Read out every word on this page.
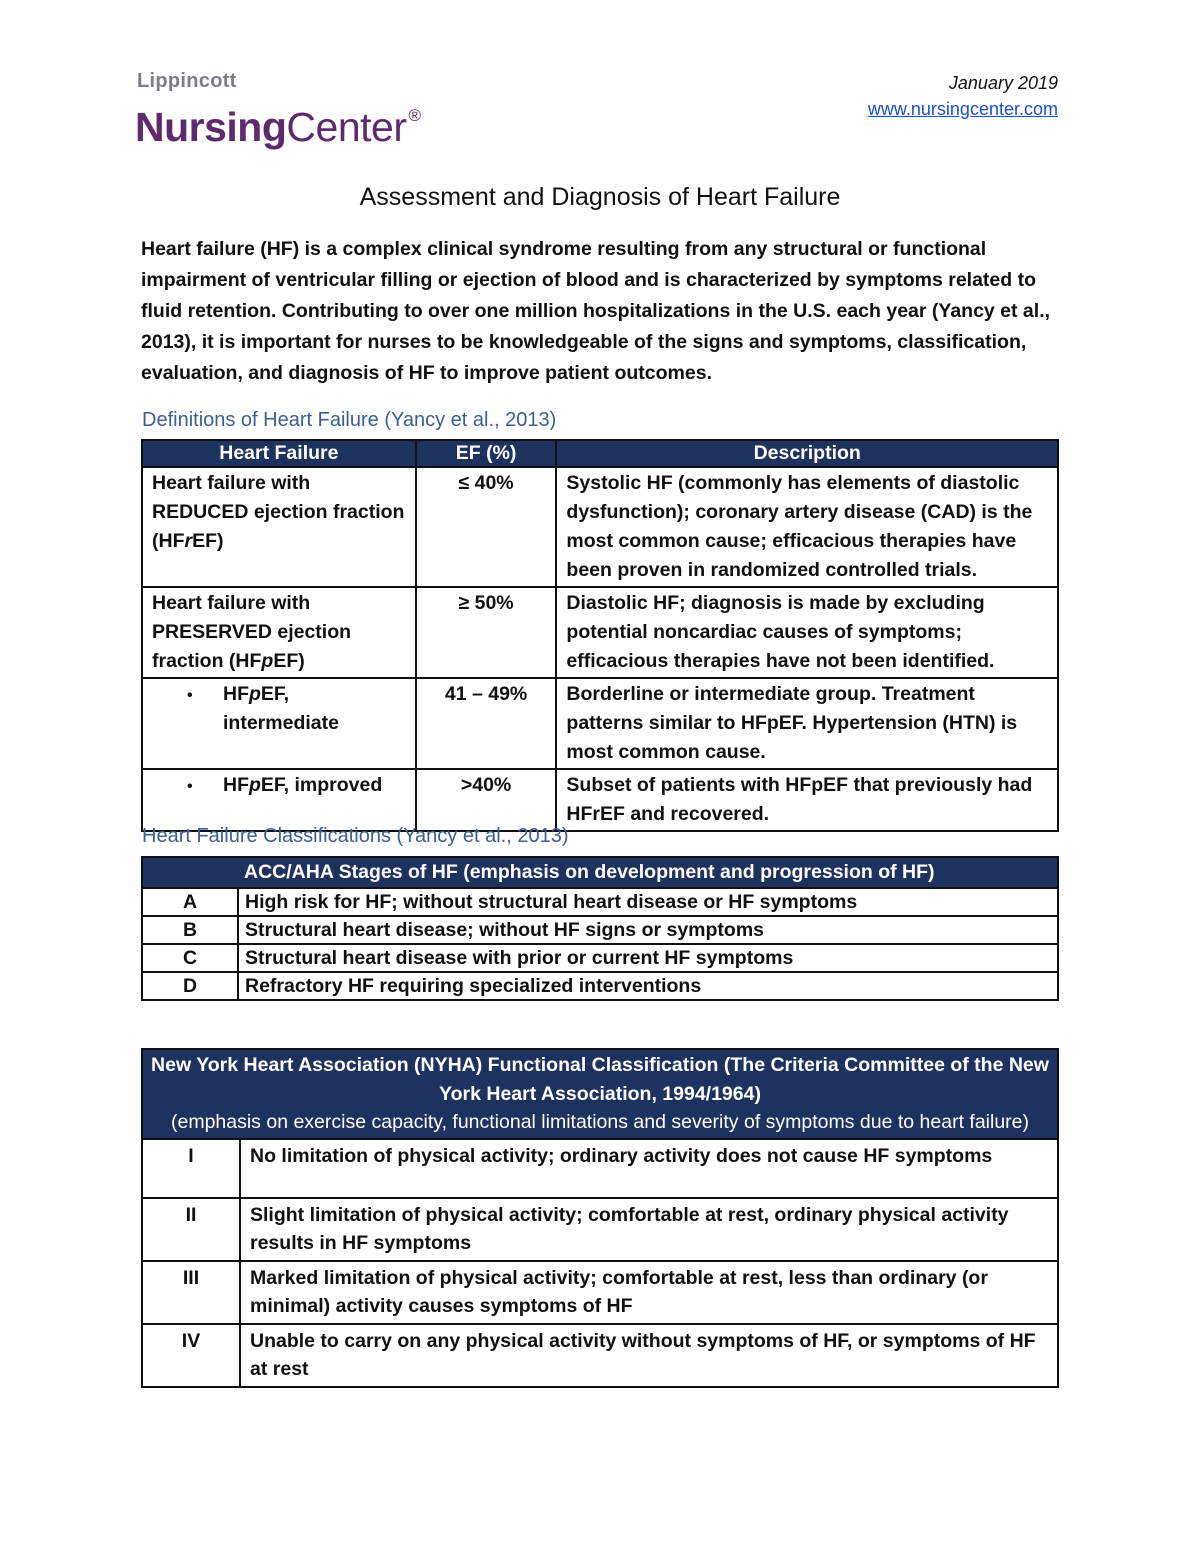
Lippincott
NursingCenter ®
January 2019
www.nursingcenter.com
Assessment and Diagnosis of Heart Failure

Heart failure (HF) is a complex clinical syndrome resulting from any structural or functional impairment of ventricular filling or ejection of blood and is characterized by symptoms related to fluid retention. Contributing to over one million hospitalizations in the U.S. each year (Yancy et al., 2013), it is important for nurses to be knowledgeable of the signs and symptoms, classification, evaluation, and diagnosis of HF to improve patient outcomes.

Definitions of Heart Failure (Yancy et al., 2013)
Heart Failure	EF (%)	Description
Heart failure with REDUCED ejection fraction (HFrEF)	≤ 40%	Systolic HF (commonly has elements of diastolic dysfunction); coronary artery disease (CAD) is the most common cause; efficacious therapies have been proven in randomized controlled trials.
Heart failure with PRESERVED ejection fraction (HFpEF)	≥ 50%	Diastolic HF; diagnosis is made by excluding potential noncardiac causes of symptoms; efficacious therapies have not been identified.

• HFpEF, intermediate	41 – 49%	Borderline or intermediate group. Treatment patterns similar to HFpEF. Hypertension (HTN) is most common cause.

• HFpEF, improved	>40%	Subset of patients with HFpEF that previously had HFrEF and recovered.
Heart Failure Classifications (Yancy et al., 2013)
	ACC/AHA Stages of HF (emphasis on development and progression of HF)
A	High risk for HF; without structural heart disease or HF symptoms
B	Structural heart disease; without HF signs or symptoms
C	Structural heart disease with prior or current HF symptoms
D	Refractory HF requiring specialized interventions
New York Heart Association (NYHA) Functional Classification (The Criteria Committee of the New York Heart Association, 1994/1964)
(emphasis on exercise capacity, functional limitations and severity of symptoms due to heart failure)	

I	No limitation of physical activity; ordinary activity does not cause HF symptoms
II	Slight limitation of physical activity; comfortable at rest, ordinary physical activity results in HF symptoms
III	Marked limitation of physical activity; comfortable at rest, less than ordinary (or minimal) activity causes symptoms of HF
IV	Unable to carry on any physical activity without symptoms of HF, or symptoms of HF at rest
